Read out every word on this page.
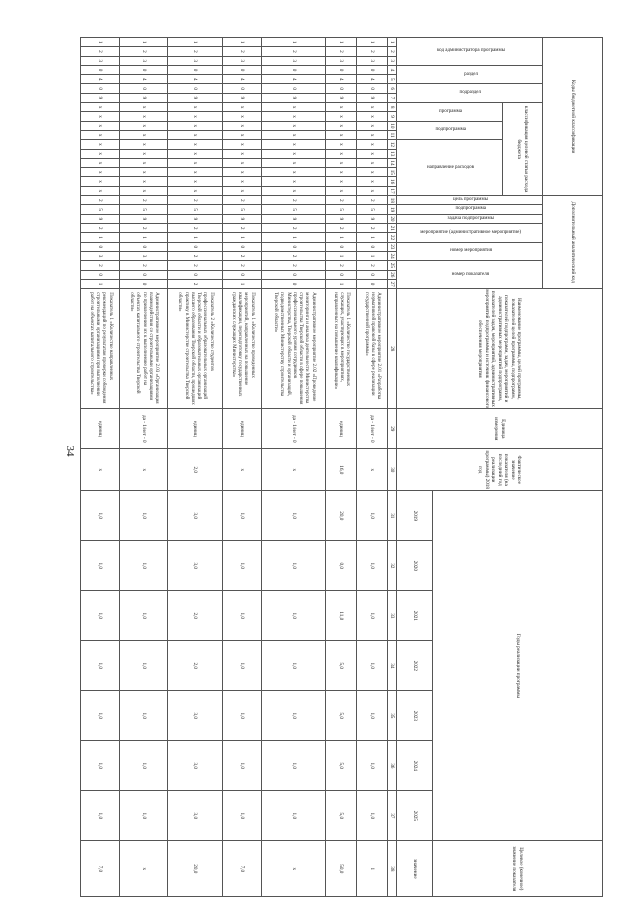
34
Коды бюджетной классификации																	Дополнительный аналитический код										Наименование программы, целей программы, показателей целей программы, подпрограмм, показателей подпрограмм, задач, мероприятий и административных мероприятий подпрограмм, показателей задач, мероприятий, административных мероприятий подпрограммы и источник финансового обеспечения мероприятия	Единица измерения	Фактическое значение показателя (на последний год реализации программы) 2018 год	Годы реализации программы							Целевое (конечное) значение показателя
код администратора программы			раздел		подраздел		классификация целевой статьи расхода бюджета										цель программы	подпрограмма	задача подпрограммы	мероприятие (административное мероприятие)		номер мероприятия		номер показателя													
							программа		подпрограмма		направление расходов																										
																														2019	2020	2021	2022	2023	2024	2025	значение
1	2	3	4	5	6	7	8	9	10	11	12	13	14	15	16	17	18	19	20	21	22	23	24	25	26	27	28	29	30	31	32	33	34	35	36	37	38
1	2	3	0	4	0	9	х	х	х	х	х	х	х	х	х	х	2	5	9	2	1	0	1	2	0	0	Административное мероприятие 2.01 «Разработка нормативной правовой базы в сфере реализации государственной программы»	да - 1/нет - 0	х	1,0	1,0	1,0	1,0	1,0	1,0	1,0	1
1	2	3	0	4	0	9	х	х	х	х	х	х	х	х	х	х	2	5	9	2	1	0	1	2	0	1	Показатель 1 «Количество государственных служащих, участвующих в мероприятиях, направленных на повышение квалификации»	единиц	16,0	20,0	0,0	11,0	5,0	5,0	5,0	5,0	50,0
1	2	3	0	4	0	9	х	х	х	х	х	х	х	х	х	х	2	5	9	2	1	0	2	2	0	0	Административное мероприятие 2.02 «Проведение мониторинга и анализа деятельности Министерства строительства Тверской области в сфере повышения профессионального уровня сотрудников Министерства, Тверской области и организаций, подведомственных Министерству строительства Тверской области»	да - 1/нет - 0	х	1,0	1,0	1,0	1,0	1,0	1,0	1,0	х
1	2	3	0	4	0	9	х	х	х	х	х	х	х	х	х	х	2	5	9	2	1	0	2	2	0	1	Показатель 1 «Количество проведенных мероприятий, направленных на повышение квалификации, переподготовку государственных гражданских служащих Министерства»	единиц	х	1,0	1,0	1,0	1,0	1,0	1,0	1,0	7,0
1	2	3	0	4	0	9	х	х	х	х	х	х	х	х	х	х	2	5	9	2	1	0	2	2	0	2	Показатель 2 «Количество студентов профессиональных образовательных организаций Тверской области и образовательных организаций высшего образования Тверской области, прошедших практику в Министерстве строительства Тверской области»	единиц	2,0	3,0	3,0	2,0	2,0	3,0	3,0	3,0	20,0
1	2	3	0	4	0	9	х	х	х	х	х	х	х	х	х	х	2	5	9	2	1	0	3	2	0	0	Административное мероприятие 2.03 «Организация взаимодействия со строительными организациями по привлечению их к выполнению работ на объектах капитального строительства Тверской области»	да - 1/нет - 0	х	1,0	1,0	1,0	1,0	1,0	1,0	1,0	х
1	2	3	0	4	0	9	х	х	х	х	х	х	х	х	х	х	2	5	9	2	1	0	3	2	0	1	Показатель 1 «Количество направленных рекомендаций по результатам проверки соблюдения строительными организациями при выполнении работ на объектах капитального строительства»	единиц	х	1,0	1,0	1,0	1,0	1,0	1,0	1,0	7,0
